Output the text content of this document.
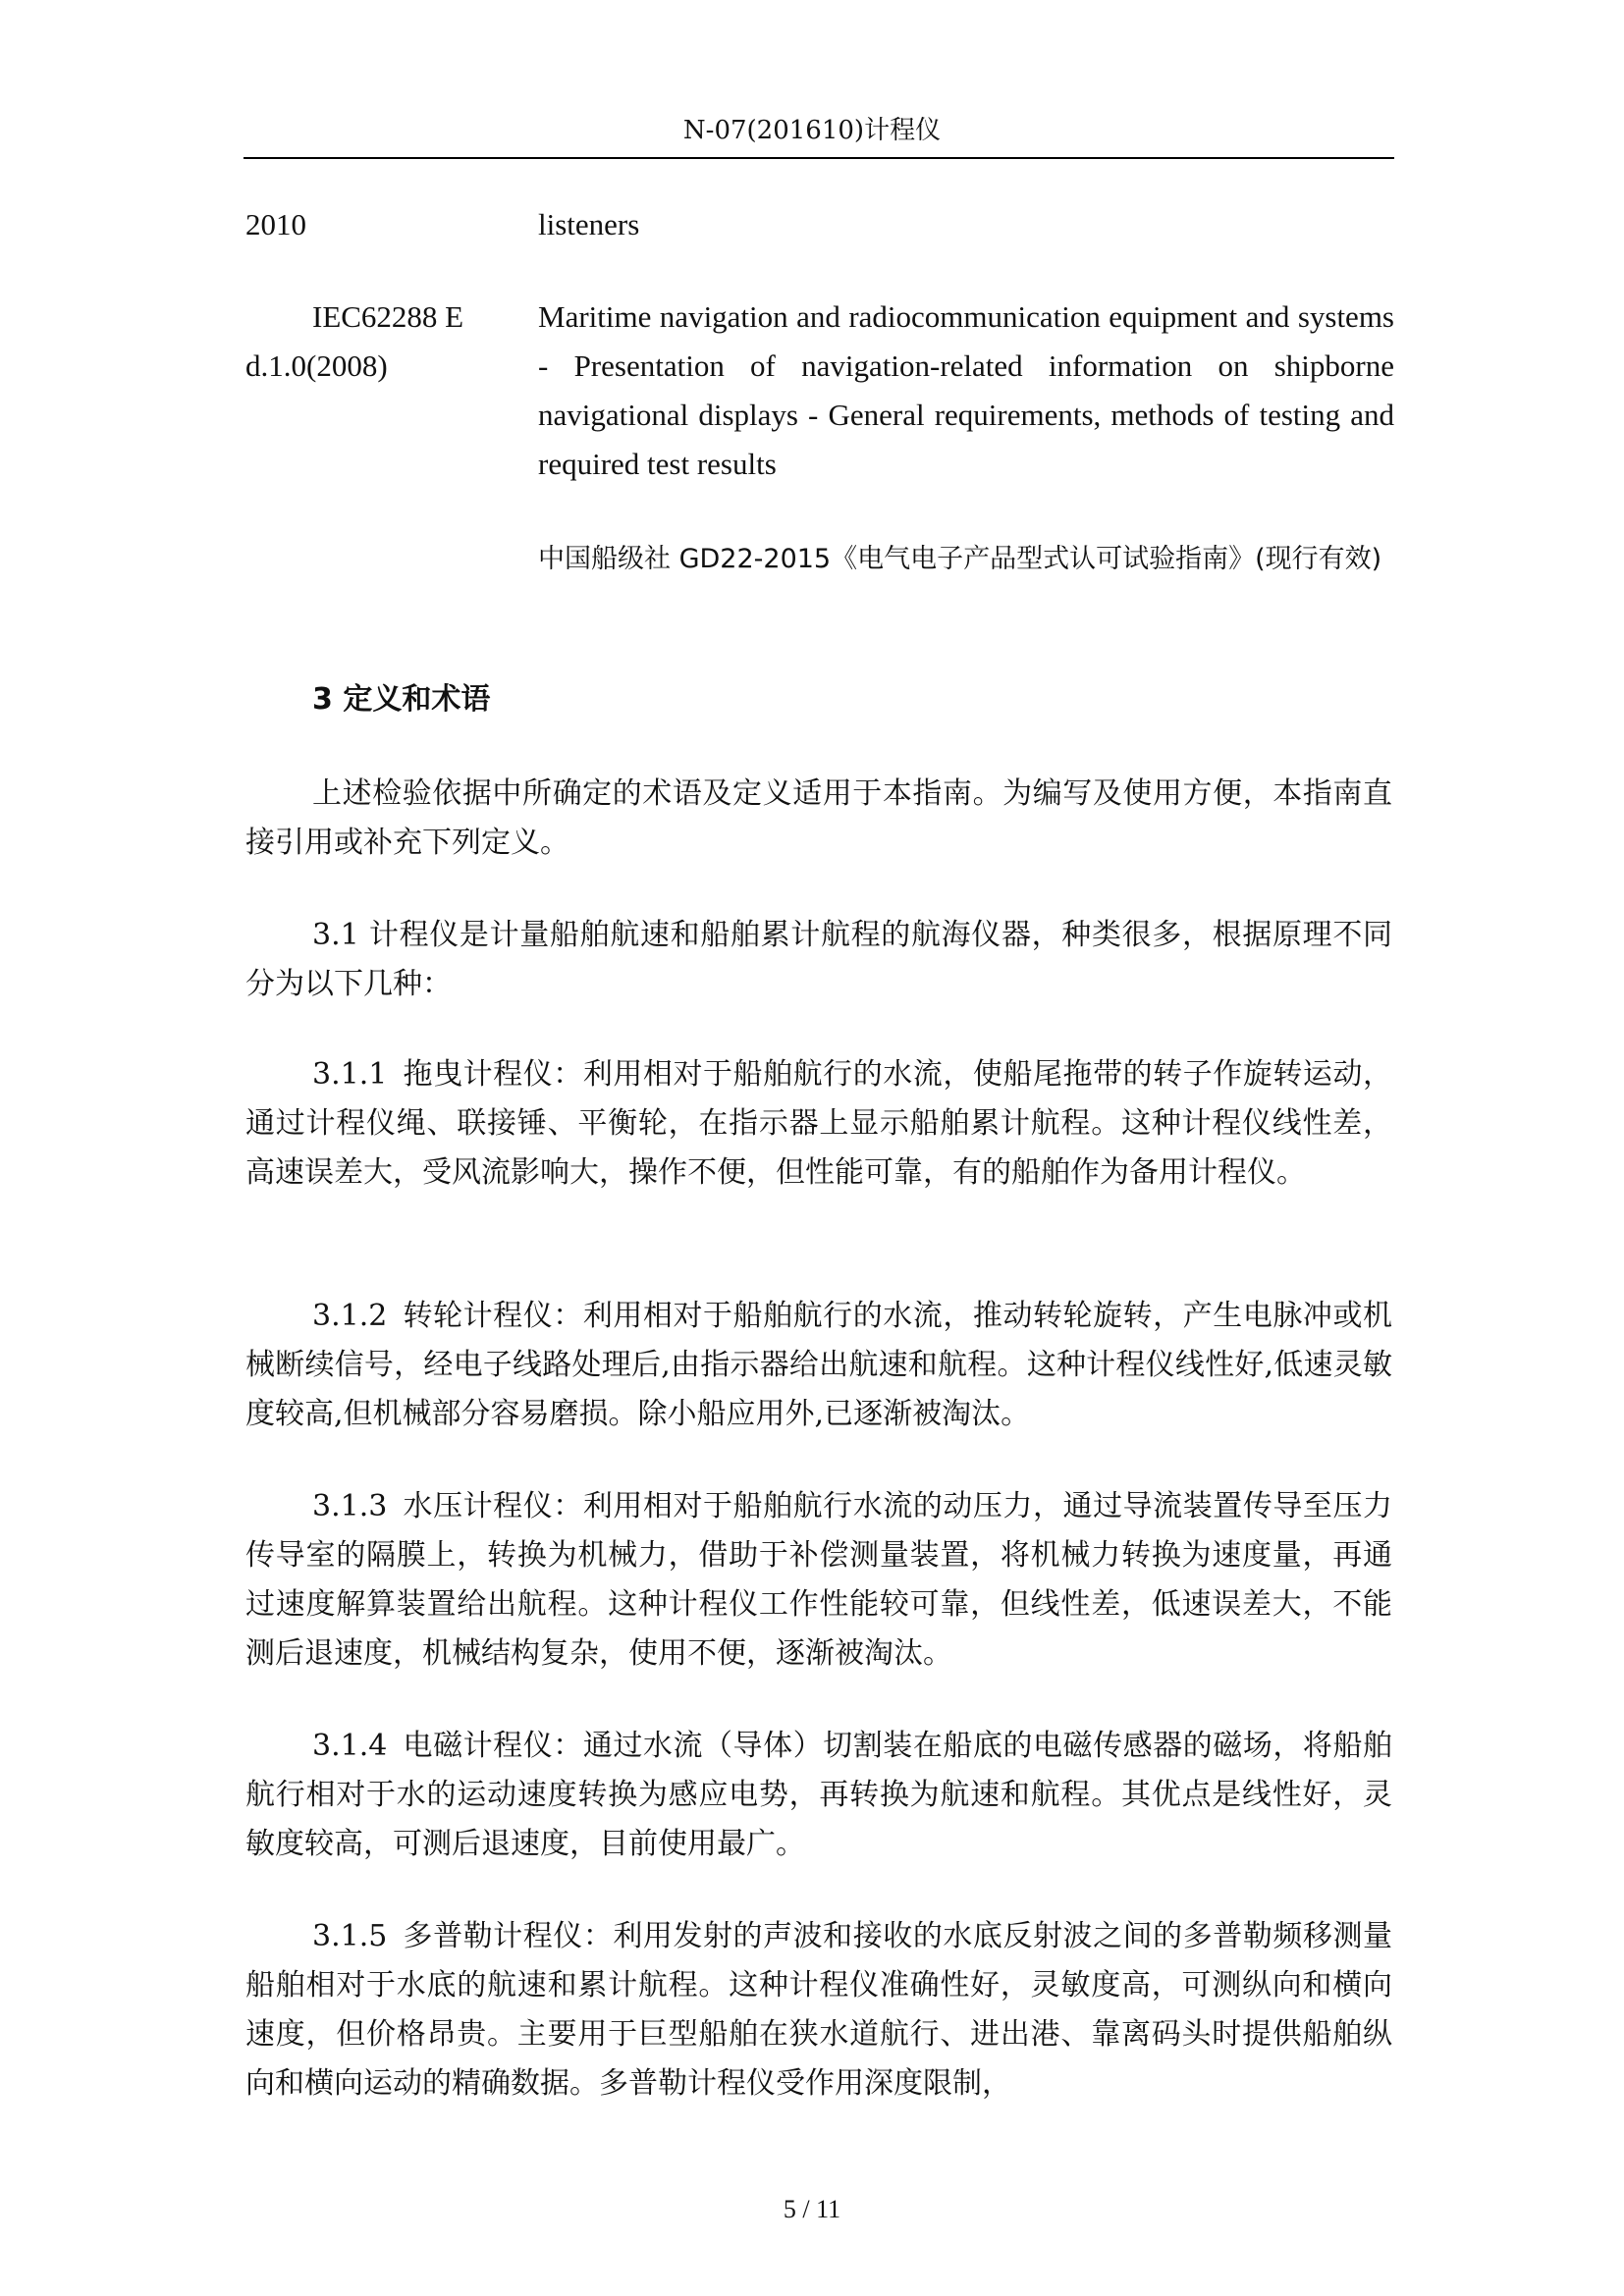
N-07(201610)计程仪
2010	listeners
IEC62288 E
d.1.0(2008)
Maritime navigation and radiocommunication equipment and systems - Presentation of navigation-related information on shipborne navigational displays - General requirements, methods of testing and required test results
中国船级社 GD22-2015《电气电子产品型式认可试验指南》(现行有效)
3 定义和术语
上述检验依据中所确定的术语及定义适用于本指南。为编写及使用方便，本指南直接引用或补充下列定义。
3.1 计程仪是计量船舶航速和船舶累计航程的航海仪器，种类很多，根据原理不同分为以下几种：
3.1.1 拖曳计程仪：利用相对于船舶航行的水流，使船尾拖带的转子作旋转运动，通过计程仪绳、联接锤、平衡轮，在指示器上显示船舶累计航程。这种计程仪线性差，高速误差大，受风流影响大，操作不便，但性能可靠，有的船舶作为备用计程仪。
3.1.2 转轮计程仪：利用相对于船舶航行的水流，推动转轮旋转，产生电脉冲或机械断续信号，经电子线路处理后,由指示器给出航速和航程。这种计程仪线性好,低速灵敏度较高,但机械部分容易磨损。除小船应用外,已逐渐被淘汰。
3.1.3 水压计程仪：利用相对于船舶航行水流的动压力，通过导流装置传导至压力传导室的隔膜上，转换为机械力，借助于补偿测量装置，将机械力转换为速度量，再通过速度解算装置给出航程。这种计程仪工作性能较可靠，但线性差，低速误差大，不能测后退速度，机械结构复杂，使用不便，逐渐被淘汰。
3.1.4 电磁计程仪：通过水流（导体）切割装在船底的电磁传感器的磁场，将船舶航行相对于水的运动速度转换为感应电势，再转换为航速和航程。其优点是线性好，灵敏度较高，可测后退速度，目前使用最广。
3.1.5 多普勒计程仪：利用发射的声波和接收的水底反射波之间的多普勒频移测量船舶相对于水底的航速和累计航程。这种计程仪准确性好，灵敏度高，可测纵向和横向速度，但价格昂贵。主要用于巨型船舶在狭水道航行、进出港、靠离码头时提供船舶纵向和横向运动的精确数据。多普勒计程仪受作用深度限制，
5 / 11
